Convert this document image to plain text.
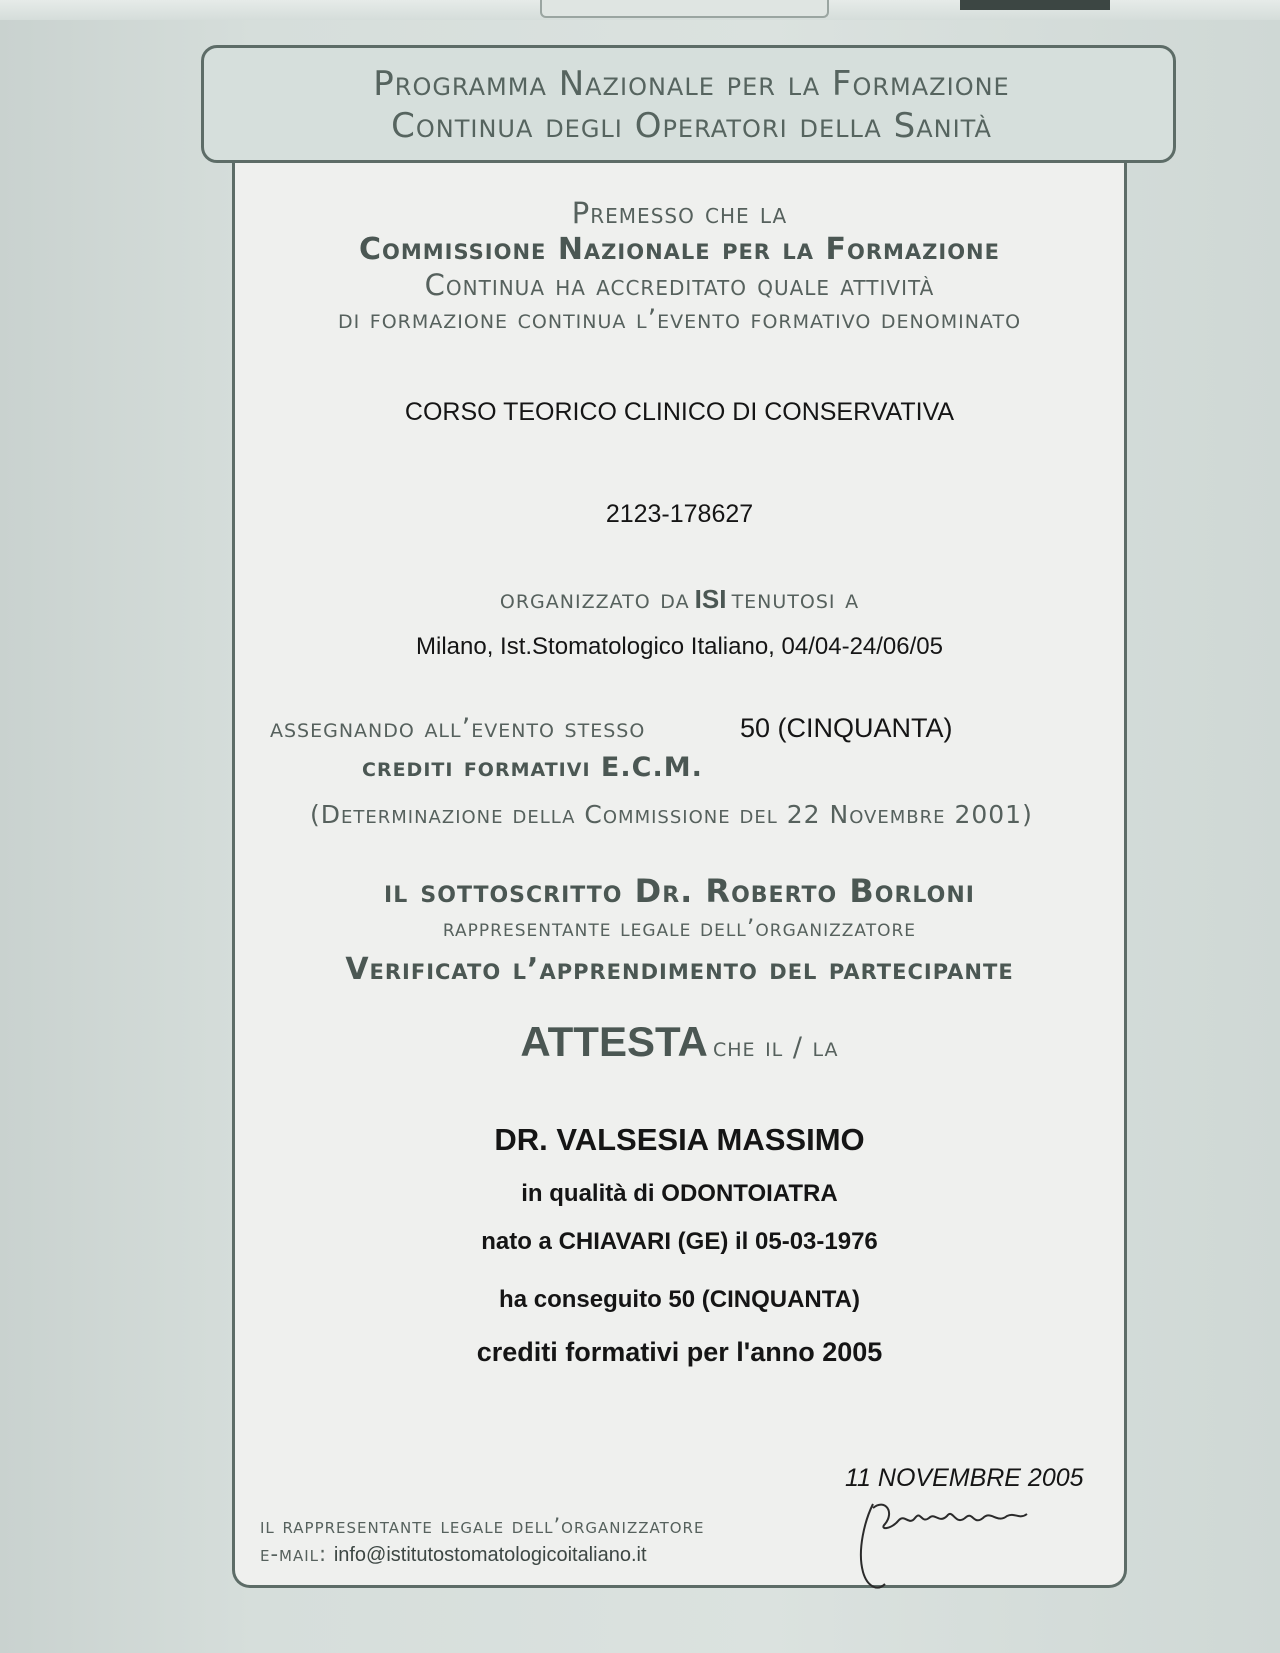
Programma Nazionale per la Formazione
Continua degli Operatori della Sanità
Premesso che la
Commissione Nazionale per la Formazione
Continua ha accreditato quale attività
di formazione continua l’evento formativo denominato
CORSO TEORICO CLINICO DI CONSERVATIVA
2123-178627
organizzato da ISI tenutosi a
Milano, Ist.Stomatologico Italiano, 04/04-24/06/05
assegnando all’evento stesso	50 (CINQUANTA)
crediti formativi E.C.M.
(Determinazione della Commissione del 22 Novembre 2001)
il sottoscritto Dr. Roberto Borloni
rappresentante legale dell’organizzatore
Verificato l’apprendimento del partecipante
ATTESTA che il / la
DR. VALSESIA MASSIMO
in qualità di ODONTOIATRA
nato a CHIAVARI (GE) il 05-03-1976
ha conseguito 50 (CINQUANTA)
crediti formativi per l'anno 2005
11 NOVEMBRE 2005
il rappresentante legale dell’organizzatore
e-mail: info@istitutostomatologicoitaliano.it
